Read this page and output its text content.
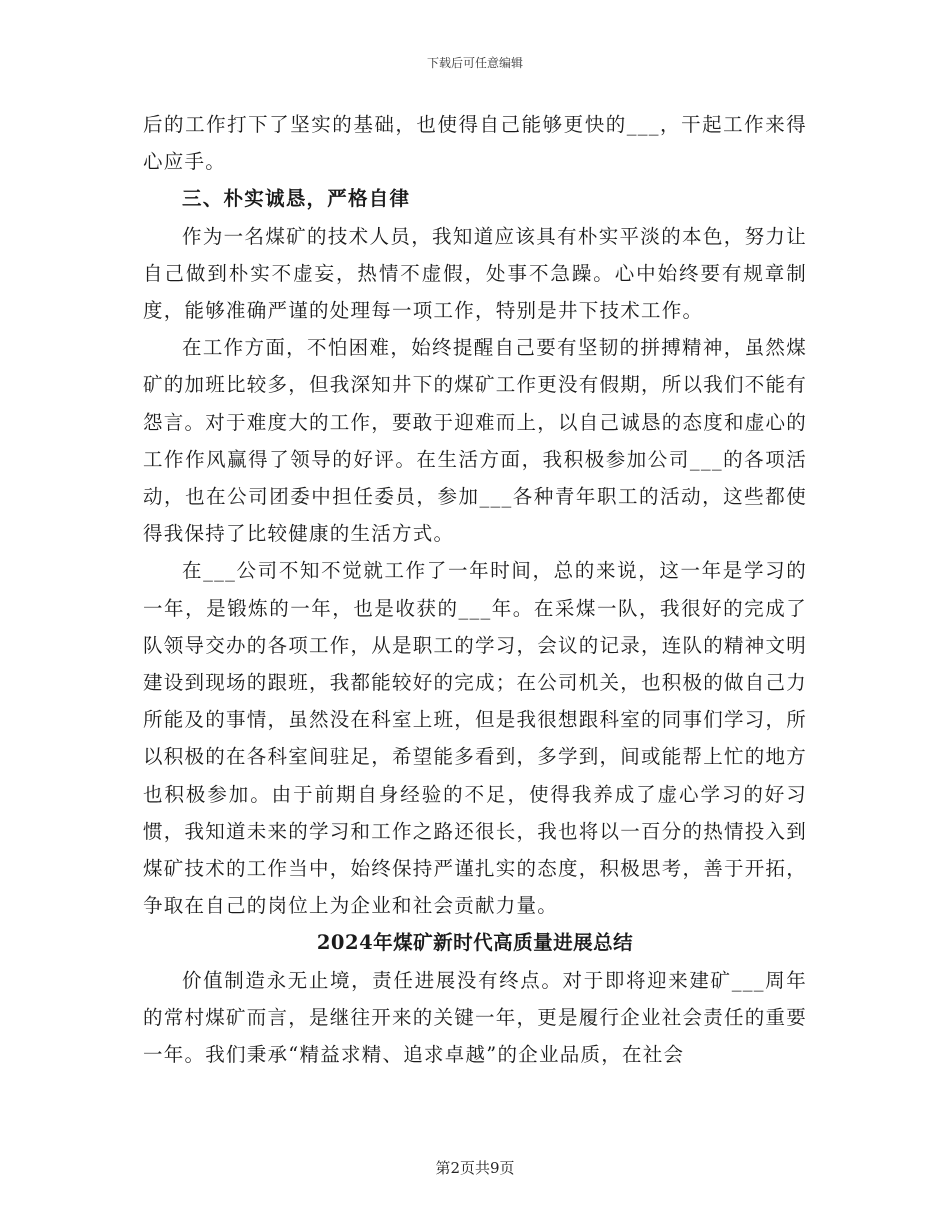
下载后可任意编辑

后的工作打下了坚实的基础，也使得自己能够更快的___，干起工作来得心应手。

三、朴实诚恳，严格自律

作为一名煤矿的技术人员，我知道应该具有朴实平淡的本色，努力让自己做到朴实不虚妄，热情不虚假，处事不急躁。心中始终要有规章制度，能够准确严谨的处理每一项工作，特别是井下技术工作。

在工作方面，不怕困难，始终提醒自己要有坚韧的拼搏精神，虽然煤矿的加班比较多，但我深知井下的煤矿工作更没有假期，所以我们不能有怨言。对于难度大的工作，要敢于迎难而上，以自己诚恳的态度和虚心的工作作风赢得了领导的好评。在生活方面，我积极参加公司___的各项活动，也在公司团委中担任委员，参加___各种青年职工的活动，这些都使得我保持了比较健康的生活方式。

在___公司不知不觉就工作了一年时间，总的来说，这一年是学习的一年，是锻炼的一年，也是收获的___年。在采煤一队，我很好的完成了队领导交办的各项工作，从是职工的学习，会议的记录，连队的精神文明建设到现场的跟班，我都能较好的完成；在公司机关，也积极的做自己力所能及的事情，虽然没在科室上班，但是我很想跟科室的同事们学习，所以积极的在各科室间驻足，希望能多看到，多学到，间或能帮上忙的地方也积极参加。由于前期自身经验的不足，使得我养成了虚心学习的好习惯，我知道未来的学习和工作之路还很长，我也将以一百分的热情投入到煤矿技术的工作当中，始终保持严谨扎实的态度，积极思考，善于开拓，争取在自己的岗位上为企业和社会贡献力量。

2024年煤矿新时代高质量进展总结

价值制造永无止境，责任进展没有终点。对于即将迎来建矿___周年的常村煤矿而言，是继往开来的关键一年，更是履行企业社会责任的重要一年。我们秉承“精益求精、追求卓越”的企业品质，在社会

第2页共9页
